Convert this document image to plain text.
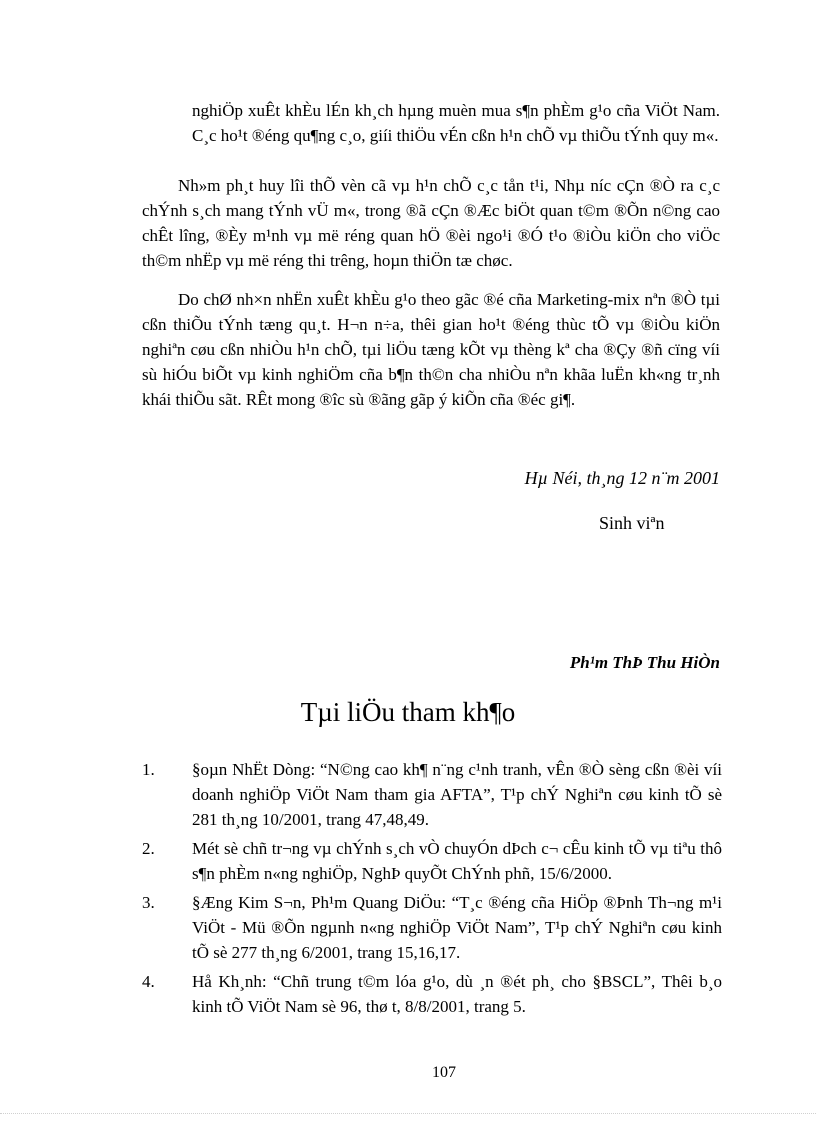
nghiÖp xuÊt khÈu lÉn kh¸ch hµng muèn mua s¶n phÈm g¹o cña ViÖt Nam. C¸c ho¹t ®éng qu¶ng c¸o, giíi thiÖu vÉn cßn h¹n chÕ vµ thiÕu tÝnh quy m«.

Nh»m ph¸t huy lîi thÕ vèn cã vµ h¹n chÕ c¸c tån t¹i, Nhµ níc cÇn ®Ò ra c¸c chÝnh s¸ch mang tÝnh vÜ m«, trong ®ã cÇn ®Æc biÖt quan t©m ®Õn n©ng cao chÊt lîng, ®Èy m¹nh vµ më réng quan hÖ ®èi ngo¹i ®Ó t¹o ®iÒu kiÖn cho viÖc th©m nhËp vµ më réng thi trêng, hoµn thiÖn tæ chøc.

Do chØ nh×n nhËn xuÊt khÈu g¹o theo gãc ®é cña Marketing-mix nªn ®Ò tµi cßn thiÕu tÝnh tæng qu¸t. H¬n n÷a, thêi gian ho¹t ®éng thùc tÕ vµ ®iÒu kiÖn nghiªn cøu cßn nhiÒu h¹n chÕ, tµi liÖu tæng kÕt vµ thèng kª cha ®Çy ®ñ cïng víi sù hiÓu biÕt vµ kinh nghiÖm cña b¶n th©n cha nhiÒu nªn khãa luËn kh«ng tr¸nh khái thiÕu sãt. RÊt mong ®îc sù ®ãng gãp ý kiÕn cña ®éc gi¶.

Hµ Néi, th¸ng 12 n¨m 2001
Sinh viªn
Ph¹m ThÞ Thu HiÒn
Tµi liÖu tham kh¶o
1. §oµn NhËt Dòng: “N©ng cao kh¶ n¨ng c¹nh tranh, vÊn ®Ò sèng cßn ®èi víi doanh nghiÖp ViÖt Nam tham gia AFTA”, T¹p chÝ Nghiªn cøu kinh tÕ sè 281 th¸ng 10/2001, trang 47,48,49.
2. Mét sè chñ tr¬ng vµ chÝnh s¸ch vÒ chuyÓn dÞch c¬ cÊu kinh tÕ vµ tiªu thô s¶n phÈm n«ng nghiÖp, NghÞ quyÕt ChÝnh phñ, 15/6/2000.
3. §Æng Kim S¬n, Ph¹m Quang DiÖu: “T¸c ®éng cña HiÖp ®Þnh Th¬ng m¹i ViÖt - Mü ®Õn ngµnh n«ng nghiÖp ViÖt Nam”, T¹p chÝ Nghiªn cøu kinh tÕ sè 277 th¸ng 6/2001, trang 15,16,17.
4. Hå Kh¸nh: “Chñ trung t©m lóa g¹o, dù ¸n ®ét ph¸ cho §BSCL”, Thêi b¸o kinh tÕ ViÖt Nam sè 96, thø t, 8/8/2001, trang 5.
107
